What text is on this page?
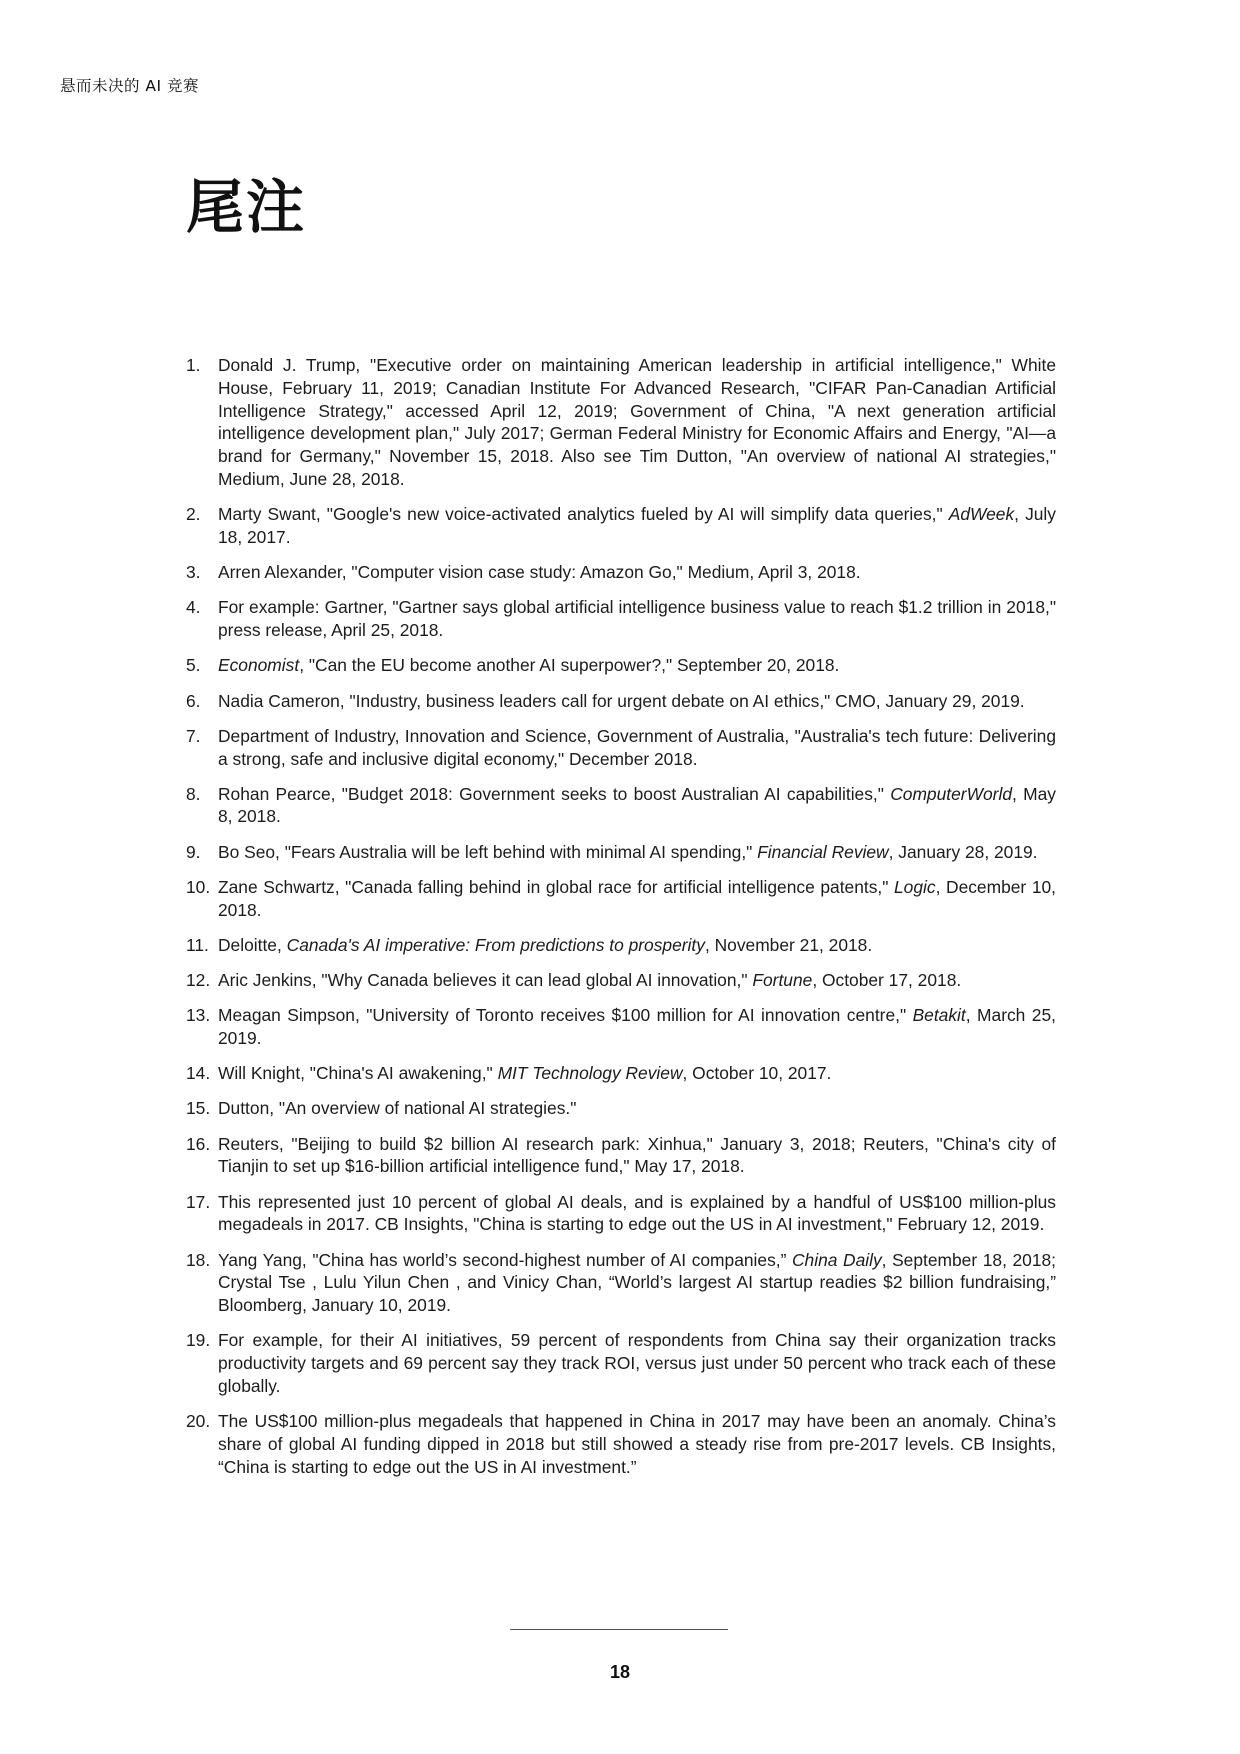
悬而未决的 AI 竞赛
尾注
1. Donald J. Trump, "Executive order on maintaining American leadership in artificial intelligence," White House, February 11, 2019; Canadian Institute For Advanced Research, "CIFAR Pan-Canadian Artificial Intelligence Strategy," accessed April 12, 2019; Government of China, "A next generation artificial intelligence development plan," July 2017; German Federal Ministry for Economic Affairs and Energy, "AI—a brand for Germany," November 15, 2018. Also see Tim Dutton, "An overview of national AI strategies," Medium, June 28, 2018.
2. Marty Swant, "Google's new voice-activated analytics fueled by AI will simplify data queries," AdWeek, July 18, 2017.
3. Arren Alexander, "Computer vision case study: Amazon Go," Medium, April 3, 2018.
4. For example: Gartner, "Gartner says global artificial intelligence business value to reach $1.2 trillion in 2018," press release, April 25, 2018.
5. Economist, "Can the EU become another AI superpower?," September 20, 2018.
6. Nadia Cameron, "Industry, business leaders call for urgent debate on AI ethics," CMO, January 29, 2019.
7. Department of Industry, Innovation and Science, Government of Australia, "Australia's tech future: Delivering a strong, safe and inclusive digital economy," December 2018.
8. Rohan Pearce, "Budget 2018: Government seeks to boost Australian AI capabilities," ComputerWorld, May 8, 2018.
9. Bo Seo, "Fears Australia will be left behind with minimal AI spending," Financial Review, January 28, 2019.
10. Zane Schwartz, "Canada falling behind in global race for artificial intelligence patents," Logic, December 10, 2018.
11. Deloitte, Canada's AI imperative: From predictions to prosperity, November 21, 2018.
12. Aric Jenkins, "Why Canada believes it can lead global AI innovation," Fortune, October 17, 2018.
13. Meagan Simpson, "University of Toronto receives $100 million for AI innovation centre," Betakit, March 25, 2019.
14. Will Knight, "China's AI awakening," MIT Technology Review, October 10, 2017.
15. Dutton, "An overview of national AI strategies."
16. Reuters, "Beijing to build $2 billion AI research park: Xinhua," January 3, 2018; Reuters, "China's city of Tianjin to set up $16-billion artificial intelligence fund," May 17, 2018.
17. This represented just 10 percent of global AI deals, and is explained by a handful of US$100 million-plus megadeals in 2017. CB Insights, "China is starting to edge out the US in AI investment," February 12, 2019.
18. Yang Yang, "China has world’s second-highest number of AI companies,” China Daily, September 18, 2018; Crystal Tse , Lulu Yilun Chen , and Vinicy Chan, “World’s largest AI startup readies $2 billion fundraising,” Bloomberg, January 10, 2019.
19. For example, for their AI initiatives, 59 percent of respondents from China say their organization tracks productivity targets and 69 percent say they track ROI, versus just under 50 percent who track each of these globally.
20. The US$100 million-plus megadeals that happened in China in 2017 may have been an anomaly. China’s share of global AI funding dipped in 2018 but still showed a steady rise from pre-2017 levels. CB Insights, “China is starting to edge out the US in AI investment.”
18
